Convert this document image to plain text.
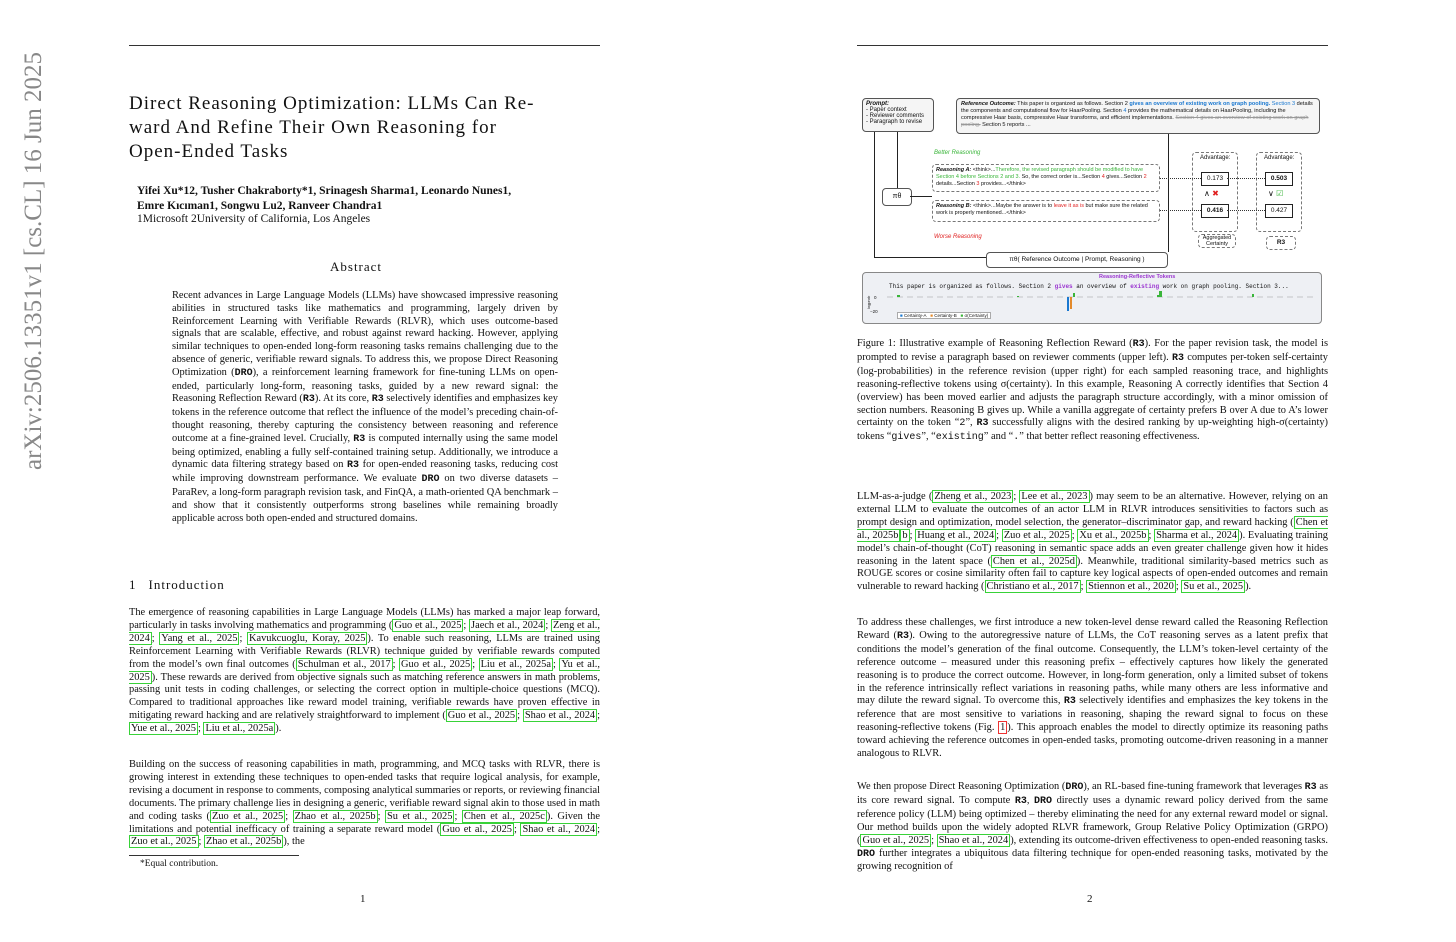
arXiv:2506.13351v1 [cs.CL] 16 Jun 2025	Direct Reasoning Optimization: LLMs Can Re-
ward And Refine Their Own Reasoning for
Open-Ended Tasks
Yifei Xu*12, Tusher Chakraborty*1, Srinagesh Sharma1, Leonardo Nunes1,
Emre Kıcıman1, Songwu Lu2, Ranveer Chandra1
1Microsoft 2University of California, Los Angeles
Abstract
Recent advances in Large Language Models (LLMs) have showcased impressive reasoning abilities in structured tasks like mathematics and programming, largely driven by Reinforcement Learning with Verifiable Rewards (RLVR), which uses outcome-based signals that are scalable, effective, and robust against reward hacking. However, applying similar techniques to open-ended long-form reasoning tasks remains challenging due to the absence of generic, verifiable reward signals. To address this, we propose Direct Reasoning Optimization (DRO), a reinforcement learning framework for fine-tuning LLMs on open-ended, particularly long-form, reasoning tasks, guided by a new reward signal: the Reasoning Reflection Reward (R3). At its core, R3 selectively identifies and emphasizes key tokens in the reference outcome that reflect the influence of the model’s preceding chain-of-thought reasoning, thereby capturing the consistency between reasoning and reference outcome at a fine-grained level. Crucially, R3 is computed internally using the same model being optimized, enabling a fully self-contained training setup. Additionally, we introduce a dynamic data filtering strategy based on R3 for open-ended reasoning tasks, reducing cost while improving downstream performance. We evaluate DRO on two diverse datasets – ParaRev, a long-form paragraph revision task, and FinQA, a math-oriented QA benchmark – and show that it consistently outperforms strong baselines while remaining broadly applicable across both open-ended and structured domains.
1 Introduction
The emergence of reasoning capabilities in Large Language Models (LLMs) has marked a major leap forward, particularly in tasks involving mathematics and programming ( Guo et al., 2025 ; Jaech et al., 2024 ; Zeng et al., 2024 ; Yang et al., 2025 ; Kavukcuoglu, Koray, 2025 ). To enable such reasoning, LLMs are trained using Reinforcement Learning with Verifiable Rewards (RLVR) technique guided by verifiable rewards computed from the model’s own final outcomes ( Schulman et al., 2017 ; Guo et al., 2025 ; Liu et al., 2025a ; Yu et al., 2025 ). These rewards are derived from objective signals such as matching reference answers in math problems, passing unit tests in coding challenges, or selecting the correct option in multiple-choice questions (MCQ). Compared to traditional approaches like reward model training, verifiable rewards have proven effective in mitigating reward hacking and are relatively straightforward to implement ( Guo et al., 2025 ; Shao et al., 2024 ; Yue et al., 2025 ; Liu et al., 2025a ).
Building on the success of reasoning capabilities in math, programming, and MCQ tasks with RLVR, there is growing interest in extending these techniques to open-ended tasks that require logical analysis, for example, revising a document in response to comments, composing analytical summaries or reports, or reviewing financial documents. The primary challenge lies in designing a generic, verifiable reward signal akin to those used in math and coding tasks ( Zuo et al., 2025 ; Zhao et al., 2025b ; Su et al., 2025 ; Chen et al., 2025c ). Given the limitations and potential inefficacy of training a separate reward model ( Guo et al., 2025 ; Shao et al., 2024 ; Zuo et al., 2025 ; Zhao et al., 2025b ), the
*Equal contribution.
1
Prompt:
- Paper context
- Reviewer comments
- Paragraph to revise
Reference Outcome: This paper is organized as follows. Section 2 gives an overview of existing work on graph pooling. Section 3 details the components and computational flow for HaarPooling. Section 4 provides the mathematical details on HaarPooling, including the compressive Haar basis, compressive Haar transforms, and efficient implementations. Section 4 gives an overview of existing work on graph pooling. Section 5 reports ...
πθ
Better Reasoning
Worse Reasoning
Reasoning A: <think>...Therefore, the revised paragraph should be modified to have Section 4 before Sections 2 and 3. So, the correct order is...Section 4 gives...Section 2 details...Section 3 provides...</think>
Reasoning B: <think>...Maybe the answer is to leave it as is but make sure the related work is properly mentioned...</think>
Advantage:
0.173
∧ ✖
0.416
Aggregated Certainty
Advantage:
0.503
∨ ☑
0.427
R3
πθ( Reference Outcome | Prompt, Reasoning )
Reasoning-Reflective Tokens
This paper is organized as follows. Section 2 gives an overview of existing work on graph pooling. Section 3...
logprob 0
−20
■ Certainty-A ■ Certainty-B ■ σ(Certainty)
Figure 1: Illustrative example of Reasoning Reflection Reward (R3). For the paper revision task, the model is prompted to revise a paragraph based on reviewer comments (upper left). R3 computes per-token self-certainty (log-probabilities) in the reference revision (upper right) for each sampled reasoning trace, and highlights reasoning-reflective tokens using σ(certainty). In this example, Reasoning A correctly identifies that Section 4 (overview) has been moved earlier and adjusts the paragraph structure accordingly, with a minor omission of section numbers. Reasoning B gives up. While a vanilla aggregate of certainty prefers B over A due to A’s lower certainty on the token “2”, R3 successfully aligns with the desired ranking by up-weighting high-σ(certainty) tokens “gives”, “existing” and “.” that better reflect reasoning effectiveness.
LLM-as-a-judge ( Zheng et al., 2023 ; Lee et al., 2023 ) may seem to be an alternative. However, relying on an external LLM to evaluate the outcomes of an actor LLM in RLVR introduces sensitivities to factors such as prompt design and optimization, model selection, the generator–discriminator gap, and reward hacking ( Chen et al., 2025b b ; Huang et al., 2024 ; Zuo et al., 2025 ; Xu et al., 2025b ; Sharma et al., 2024 ). Evaluating training model’s chain-of-thought (CoT) reasoning in semantic space adds an even greater challenge given how it hides reasoning in the latent space ( Chen et al., 2025d ). Meanwhile, traditional similarity-based metrics such as ROUGE scores or cosine similarity often fail to capture key logical aspects of open-ended outcomes and remain vulnerable to reward hacking ( Christiano et al., 2017 ; Stiennon et al., 2020 ; Su et al., 2025 ).
To address these challenges, we first introduce a new token-level dense reward called the Reasoning Reflection Reward (R3). Owing to the autoregressive nature of LLMs, the CoT reasoning serves as a latent prefix that conditions the model’s generation of the final outcome. Consequently, the LLM’s token-level certainty of the reference outcome – measured under this reasoning prefix – effectively captures how likely the generated reasoning is to produce the correct outcome. However, in long-form generation, only a limited subset of tokens in the reference intrinsically reflect variations in reasoning paths, while many others are less informative and may dilute the reward signal. To overcome this, R3 selectively identifies and emphasizes the key tokens in the reference that are most sensitive to variations in reasoning, shaping the reward signal to focus on these reasoning-reflective tokens (Fig. 1 ). This approach enables the model to directly optimize its reasoning paths toward achieving the reference outcomes in open-ended tasks, promoting outcome-driven reasoning in a manner analogous to RLVR.
We then propose Direct Reasoning Optimization (DRO), an RL-based fine-tuning framework that leverages R3 as its core reward signal. To compute R3, DRO directly uses a dynamic reward policy derived from the same reference policy (LLM) being optimized – thereby eliminating the need for any external reward model or signal. Our method builds upon the widely adopted RLVR framework, Group Relative Policy Optimization (GRPO) ( Guo et al., 2025 ; Shao et al., 2024 ), extending its outcome-driven effectiveness to open-ended reasoning tasks. DRO further integrates a ubiquitous data filtering technique for open-ended reasoning tasks, motivated by the growing recognition of
2
